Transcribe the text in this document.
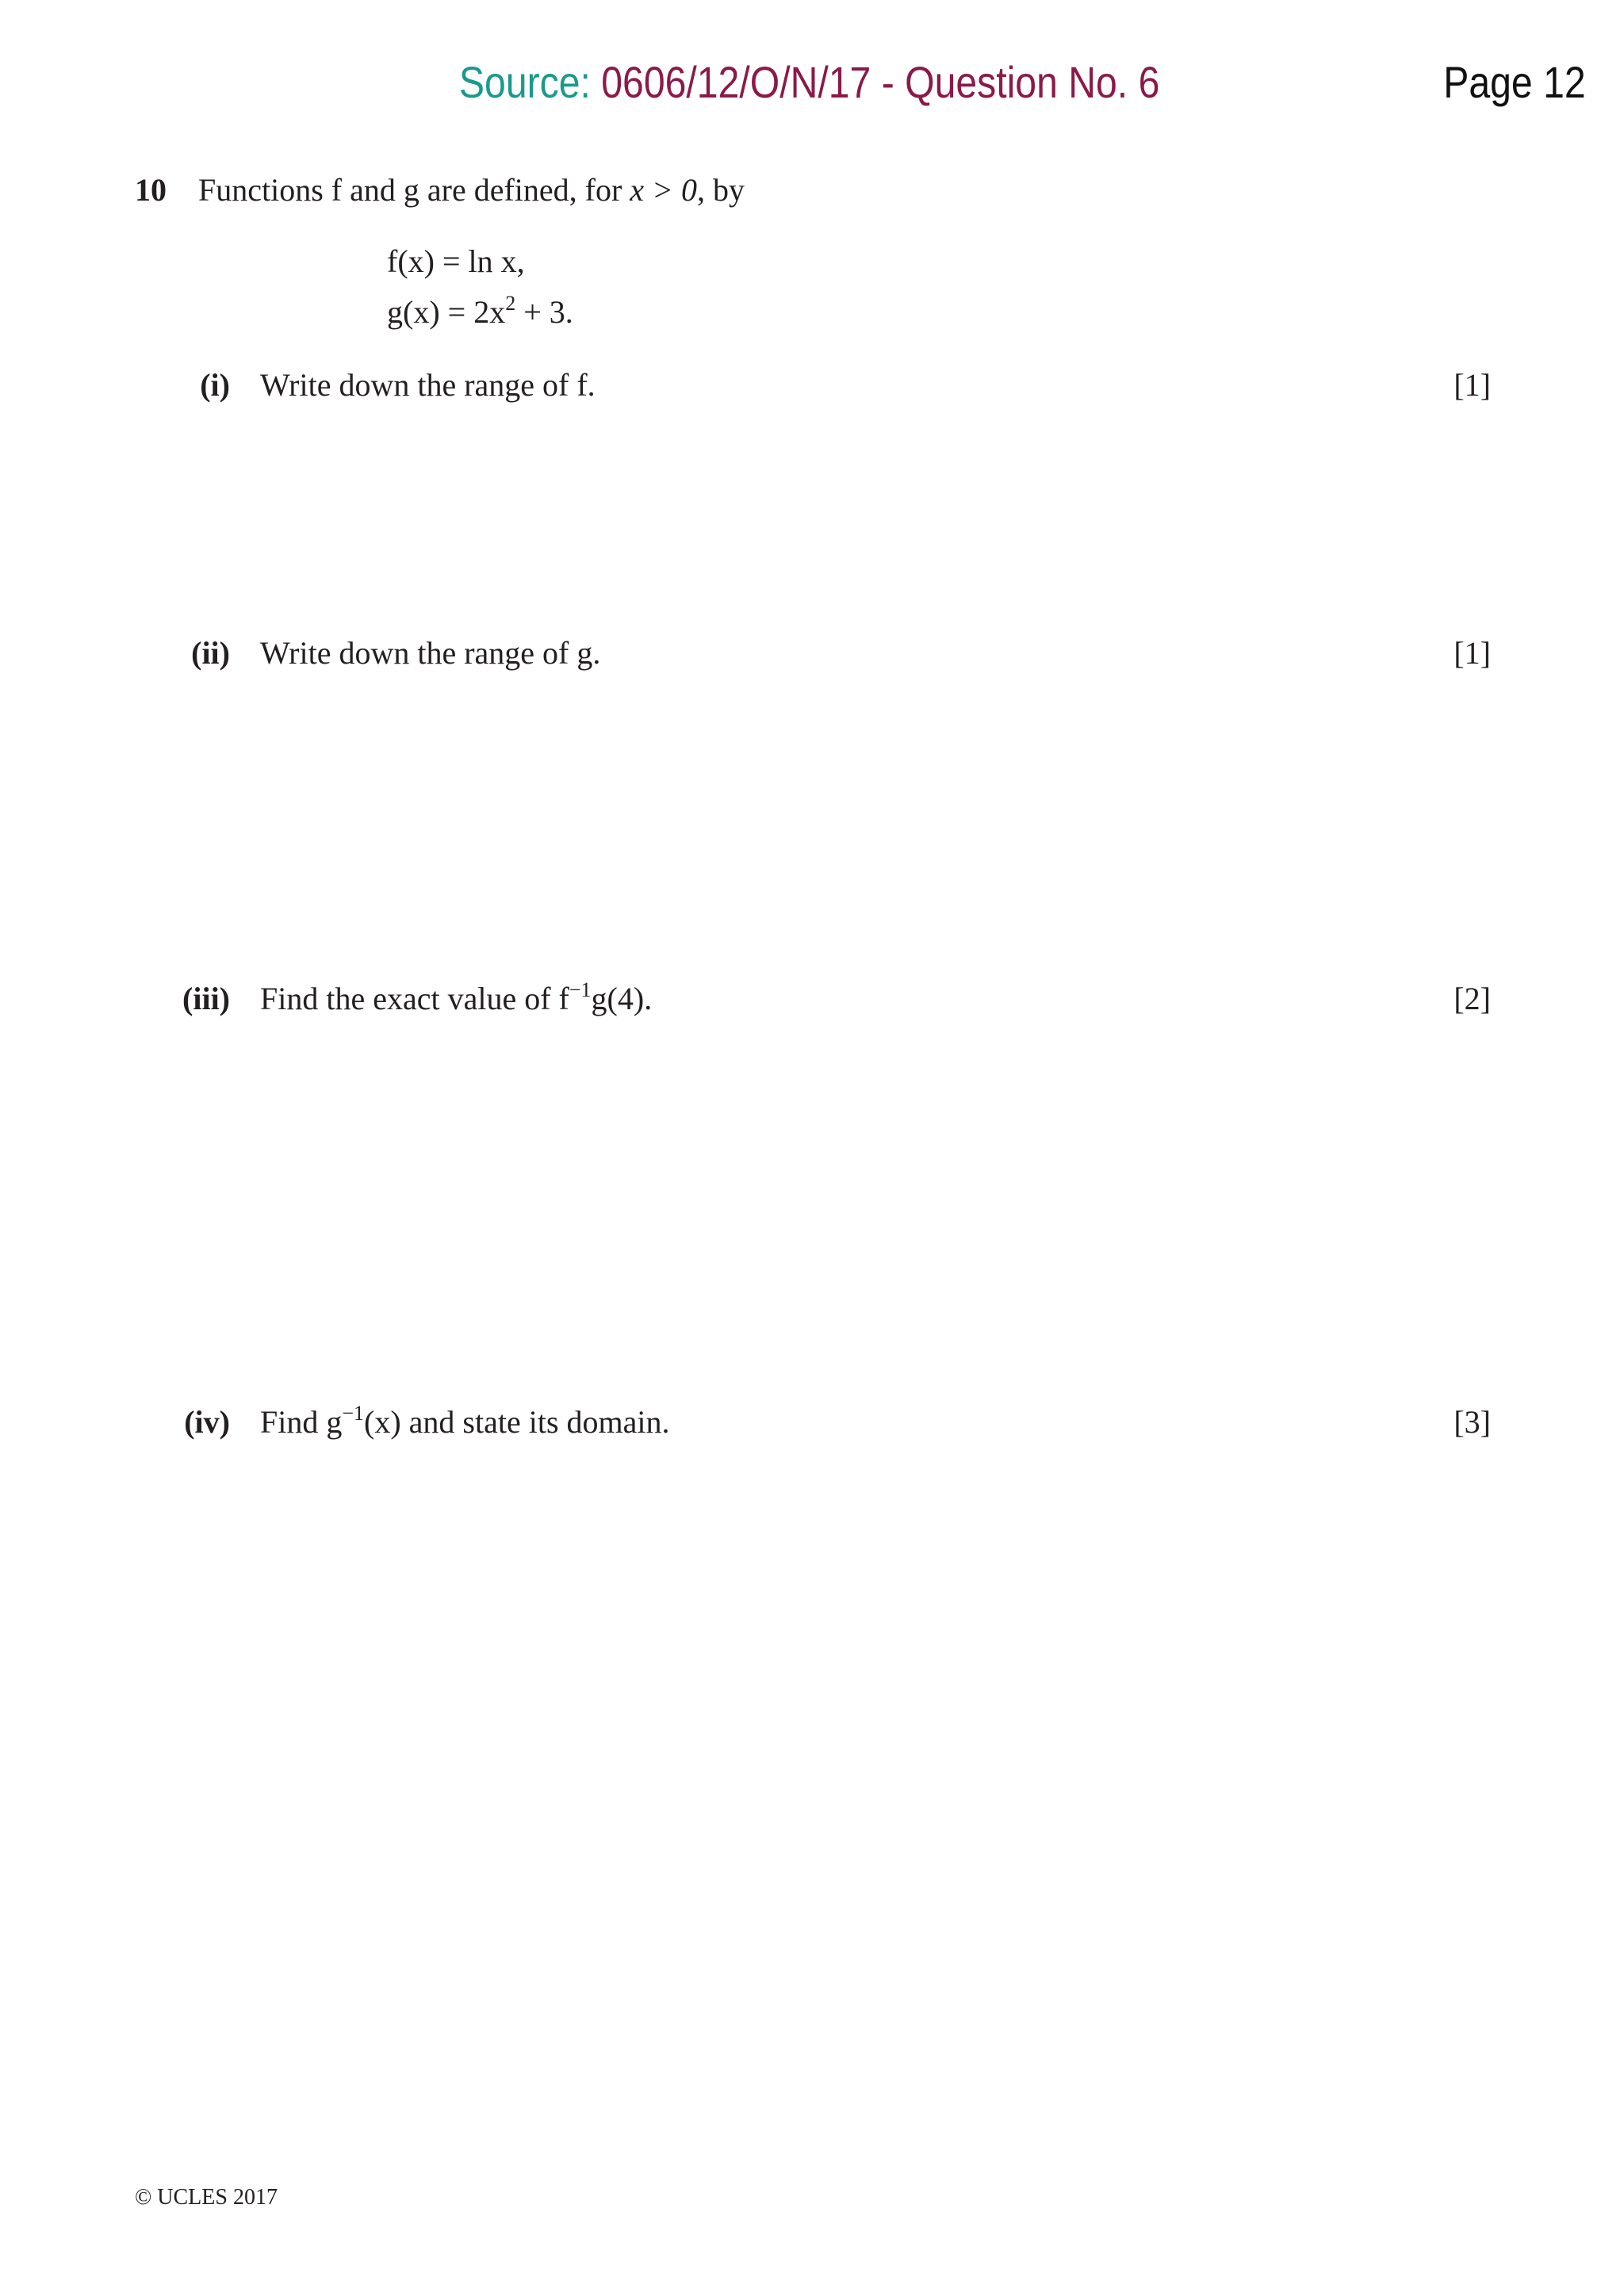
Source: 0606/12/O/N/17 - Question No. 6	Page 12
10 Functions f and g are defined, for x > 0, by
f(x) = ln x,
$g(x) = 2x^2 + 3$.
(i) Write down the range of f.	[1]
(ii) Write down the range of g.	[1]
(iii) Find the exact value of $f^{-1}g(4)$.	[2]
(iv) Find $g^{-1}(x)$ and state its domain.	[3]
© UCLES 2017
